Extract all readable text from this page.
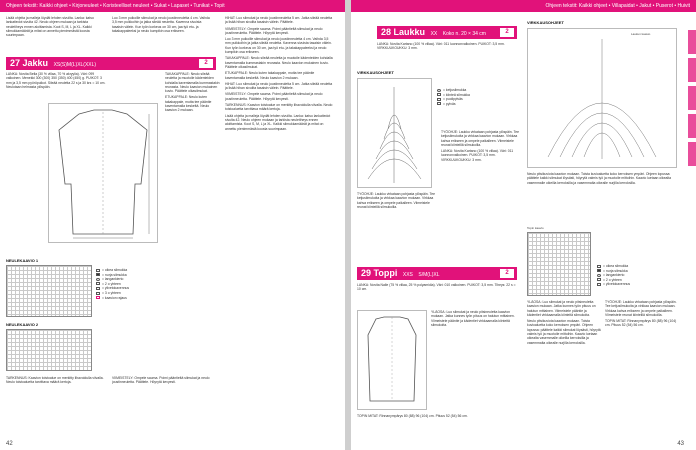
Ohjeen tekstit: Kaikki ohjeet • Kirjoneuleet • Koristeelliset neuleet • Sukat • Lapaset • Tunikat • Topit

Lisää ohjeita ja malleja löydät lehden sivuilta. Lanka: katso lankatiedot sivulta 42. Neulo ohjeen mukaan ja tarkista neuletiheys ennen aloittamista. Koot S, M, L ja XL. Kaikki silmukkamäärät ja mitat on annettu pienimmästä koosta suurimpaan.

27 Jakku XS(S)M(L)XL(XXL)	2

LANKA: Novita Bella (30 % villaa, 70 % akryylia). Väri: 099 valkoinen. Menekki 300 (300) 350 (350) 400 (450) g. PUIKOT: 3 mm ja 3,5 mm pyöröpuikot. Sileää neuletta 22 s ja 30 krs = 10 cm. Neulotaan helmasta ylöspäin.

Luo 3 mm puikoille silmukat ja neulo joustinneuletta 4 cm. Vaihda 3,5 mm puikkoihin ja jatka sileää neuletta. Kavenna sivuista tasaisin välein. Kun työn korkeus on 30 cm, jaa työ etu- ja takakappaleeksi ja neulo kumpikin osa erikseen.

TAKAKAPPALE: Neulo sileää neuletta ja muotoile kädenteiden kohdalla kaventamalla kummastakin reunasta. Neulo kaavion mukainen kuvio. Päättele olkasilmukat.

ETUKAPPALE: Neulo kuten takakappale, mutta tee pääntie kaventamalla keskeltä. Neulo kaavion 2 mukaan.

HIHAT: Luo silmukat ja neulo joustinneuletta 5 cm. Jatka sileää neuletta ja lisää hihan sivuilta tasaisin välein. Päättele.

VIIMEISTELY: Ompele sauma. Poimi pääntieltä silmukat ja neulo joustinneuletta. Päättele. Höyrytä kevyesti.

Luo 3 mm puikoille silmukat ja neulo joustinneuletta 4 cm. Vaihda 3,5 mm puikkoihin ja jatka sileää neuletta. Kavenna sivuista tasaisin välein. Kun työn korkeus on 30 cm, jaa työ etu- ja takakappaleeksi ja neulo kumpikin osa erikseen.

TAKAKAPPALE: Neulo sileää neuletta ja muotoile kädenteiden kohdalla kaventamalla kummastakin reunasta. Neulo kaavion mukainen kuvio. Päättele olkasilmukat.

ETUKAPPALE: Neulo kuten takakappale, mutta tee pääntie kaventamalla keskeltä. Neulo kaavion 2 mukaan.

HIHAT: Luo silmukat ja neulo joustinneuletta 5 cm. Jatka sileää neuletta ja lisää hihan sivuilta tasaisin välein. Päättele.

VIIMEISTELY: Ompele sauma. Poimi pääntieltä silmukat ja neulo joustinneuletta. Päättele. Höyrytä kevyesti.

TARKENNUS: Kaavion toistoalue on merkitty lihavoidulla viivalla. Neulo toistoaluetta tarvittava määrä kertoja.

Lisää ohjeita ja malleja löydät lehden sivuilta. Lanka: katso lankatiedot sivulta 42. Neulo ohjeen mukaan ja tarkista neuletiheys ennen aloittamista. Koot S, M, L ja XL. Kaikki silmukkamäärät ja mitat on annettu pienimmästä koosta suurimpaan.

NEULEKAAVIO 1
NEULEKAAVIO 2
= oikea silmukka
= nurja silmukka
= langankierto
= 2 o yhteen
= ylivetokavennus
= 3 o yhteen
= kaavion rajaus

TARKENNUS: Kaavion toistoalue on merkitty lihavoidulla viivalla. Neulo toistoaluetta tarvittava määrä kertoja.

VIIMEISTELY: Ompele sauma. Poimi pääntieltä silmukat ja neulo joustinneuletta. Päättele. Höyrytä kevyesti.

42
Ohjeen tekstit: Kaikki ohjeet • Villapaidat • Jakut • Puserot • Huivit
28 Laukku XX Koko n. 20 × 34 cm	2

LANKA: Novita Kartano (100 % villaa). Väri: 011 luonnonvalkoinen. PUIKOT: 3,5 mm. VIRKKUUKOUKKU: 3 mm.

VIRKKAUSOHJEET
= ketjusilmukka
= kiinteä silmukka
= puolipylväs
= pylväs

TYÖOHJE: Laukku virkataan pohjasta ylöspäin. Tee ketjusilmukoita ja virkkaa kaavion mukaan. Virkkaa kahva erikseen ja ompele paikalleen. Viimeistele reunat kiinteillä silmukoilla.

TYÖOHJE: Laukku virkataan pohjasta ylöspäin. Tee ketjusilmukoita ja virkkaa kaavion mukaan. Virkkaa kahva erikseen ja ompele paikalleen. Viimeistele reunat kiinteillä silmukoilla.

LANKA: Novita Kartano (100 % villaa). Väri: 011 luonnonvalkoinen. PUIKOT: 3,5 mm. VIRKKUUKOUKKU: 3 mm.

29 Toppi XXS S/M(L)XL	2

LANKA: Novita Nalle (75 % villaa, 25 % polyamidia). Väri: 010 valkoinen. PUIKOT: 3,5 mm. Tiheys: 22 s = 10 cm.

YLÄOSA: Luo silmukat ja neulo pitsineuletta kaavion mukaan. Jatka kunnes työn pituus on halutun mittainen. Viimeistele pääntie ja kädentiet virkkaamalla kiinteitä silmukoita.

TOPIN MITAT: Rinnanympärys 80 (88) 96 (104) cm. Pituus 52 (54) 56 cm.

VIRKKAUSOHJEET
Laukun kaavio

Neulo pitsikuviota kaavion mukaan. Toista kuvioaluetta koko kerroksen ympäri. Ohjeen lopussa: päättele kaikki silmukat löysästi, höyrytä valmis työ ja muotoile mittoihin. Kaavio luetaan oikealta vasemmalle oikeilla kerroksilla ja vasemmalta oikealle nurjilla kerroksilla.

Topin kaavio
= oikea silmukka
= nurja silmukka
= langankierto
= 2 o yhteen
= ylivetokavennus

YLÄOSA: Luo silmukat ja neulo pitsineuletta kaavion mukaan. Jatka kunnes työn pituus on halutun mittainen. Viimeistele pääntie ja kädentiet virkkaamalla kiinteitä silmukoita.

Neulo pitsikuviota kaavion mukaan. Toista kuvioaluetta koko kerroksen ympäri. Ohjeen lopussa: päättele kaikki silmukat löysästi, höyrytä valmis työ ja muotoile mittoihin. Kaavio luetaan oikealta vasemmalle oikeilla kerroksilla ja vasemmalta oikealle nurjilla kerroksilla.

TYÖOHJE: Laukku virkataan pohjasta ylöspäin. Tee ketjusilmukoita ja virkkaa kaavion mukaan. Virkkaa kahva erikseen ja ompele paikalleen. Viimeistele reunat kiinteillä silmukoilla.

TOPIN MITAT: Rinnanympärys 80 (88) 96 (104) cm. Pituus 52 (54) 56 cm.

43
